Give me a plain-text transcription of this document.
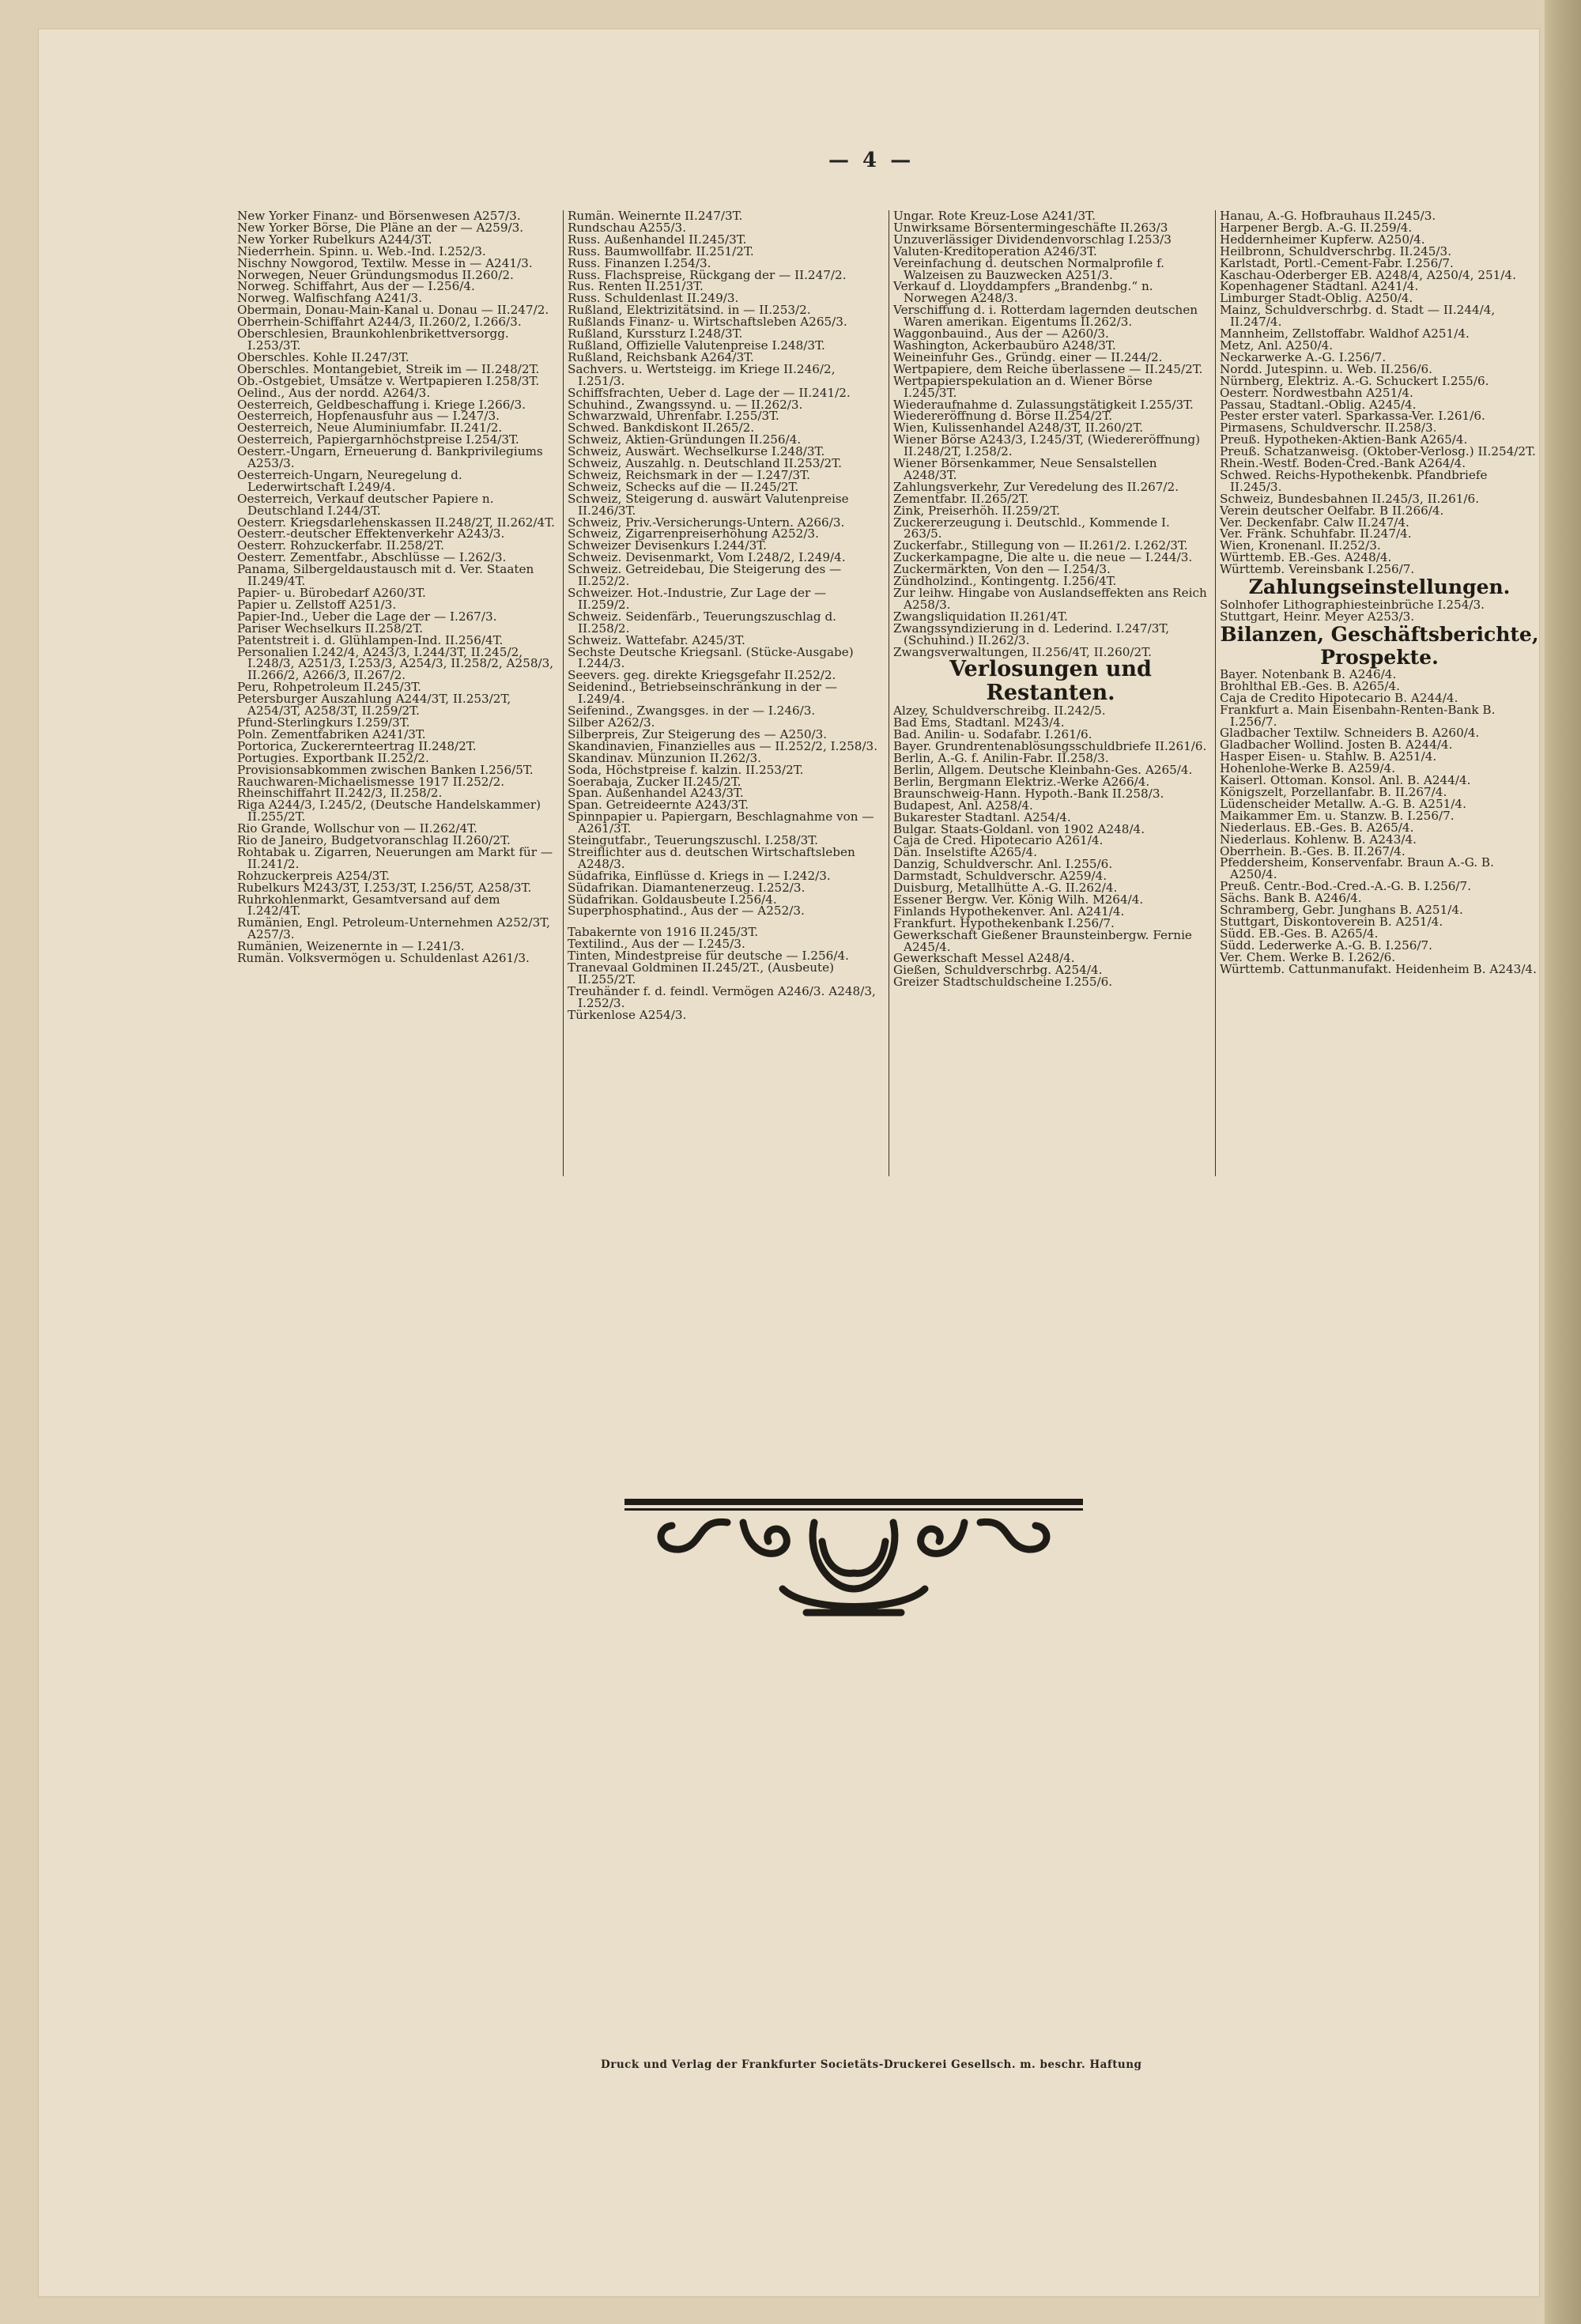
— 4 —

New Yorker Finanz- und Börsenwesen A257/3.

New Yorker Börse, Die Pläne an der — A259/3.

New Yorker Rubelkurs A244/3T.

Niederrhein. Spinn. u. Web.-Ind. I.252/3.

Nischny Nowgorod, Textilw. Messe in — A241/3.

Norwegen, Neuer Gründungsmodus II.260/2.

Norweg. Schiffahrt, Aus der — I.256/4.

Norweg. Walfischfang A241/3.

Obermain, Donau-Main-Kanal u. Donau — II.247/2.

Oberrhein-Schiffahrt A244/3, II.260/2, I.266/3.

Oberschlesien, Braunkohlenbrikettversorgg. I.253/3T.

Oberschles. Kohle II.247/3T.

Oberschles. Montangebiet, Streik im — II.248/2T.

Ob.-Ostgebiet, Umsätze v. Wertpapieren I.258/3T.

Oelind., Aus der nordd. A264/3.

Oesterreich, Geldbeschaffung i. Kriege I.266/3.

Oesterreich, Hopfenausfuhr aus — I.247/3.

Oesterreich, Neue Aluminiumfabr. II.241/2.

Oesterreich, Papiergarnhöchstpreise I.254/3T.

Oesterr.-Ungarn, Erneuerung d. Bankprivilegiums A253/3.

Oesterreich-Ungarn, Neuregelung d. Lederwirtschaft I.249/4.

Oesterreich, Verkauf deutscher Papiere n. Deutschland I.244/3T.

Oesterr. Kriegsdarlehenskassen II.248/2T, II.262/4T.

Oesterr.-deutscher Effektenverkehr A243/3.

Oesterr. Rohzuckerfabr. II.258/2T.

Oesterr. Zementfabr., Abschlüsse — I.262/3.

Panama, Silbergeldaustausch mit d. Ver. Staaten II.249/4T.

Papier- u. Bürobedarf A260/3T.

Papier u. Zellstoff A251/3.

Papier-Ind., Ueber die Lage der — I.267/3.

Pariser Wechselkurs II.258/2T.

Patentstreit i. d. Glühlampen-Ind. II.256/4T.

Personalien I.242/4, A243/3, I.244/3T, II.245/2, I.248/3, A251/3, I.253/3, A254/3, II.258/2, A258/3, II.266/2, A266/3, II.267/2.

Peru, Rohpetroleum II.245/3T.

Petersburger Auszahlung A244/3T, II.253/2T, A254/3T, A258/3T, II.259/2T.

Pfund-Sterlingkurs I.259/3T.

Poln. Zementfabriken A241/3T.

Portorica, Zuckerernteertrag II.248/2T.

Portugies. Exportbank II.252/2.

Provisionsabkommen zwischen Banken I.256/5T.

Rauchwaren-Michaelismesse 1917 II.252/2.

Rheinschiffahrt II.242/3, II.258/2.

Riga A244/3, I.245/2, (Deutsche Handelskammer) II.255/2T.

Rio Grande, Wollschur von — II.262/4T.

Rio de Janeiro, Budgetvoranschlag II.260/2T.

Rohtabak u. Zigarren, Neuerungen am Markt für — II.241/2.

Rohzuckerpreis A254/3T.

Rubelkurs M243/3T, I.253/3T, I.256/5T, A258/3T.

Ruhrkohlenmarkt, Gesamtversand auf dem I.242/4T.

Rumänien, Engl. Petroleum-Unternehmen A252/3T, A257/3.

Rumänien, Weizenernte in — I.241/3.

Rumän. Volksvermögen u. Schuldenlast A261/3.

Rumän. Weinernte II.247/3T.

Rundschau A255/3.

Russ. Außenhandel II.245/3T.

Russ. Baumwollfabr. II.251/2T.

Russ. Finanzen I.254/3.

Russ. Flachspreise, Rückgang der — II.247/2.

Rus. Renten II.251/3T.

Russ. Schuldenlast II.249/3.

Rußland, Elektrizitätsind. in — II.253/2.

Rußlands Finanz- u. Wirtschaftsleben A265/3.

Rußland, Kurssturz I.248/3T.

Rußland, Offizielle Valutenpreise I.248/3T.

Rußland, Reichsbank A264/3T.

Sachvers. u. Wertsteigg. im Kriege II.246/2, I.251/3.

Schiffsfrachten, Ueber d. Lage der — II.241/2.

Schuhind., Zwangssynd. u. — II.262/3.

Schwarzwald, Uhrenfabr. I.255/3T.

Schwed. Bankdiskont II.265/2.

Schweiz, Aktien-Gründungen II.256/4.

Schweiz, Auswärt. Wechselkurse I.248/3T.

Schweiz, Auszahlg. n. Deutschland II.253/2T.

Schweiz, Reichsmark in der — I.247/3T.

Schweiz, Schecks auf die — II.245/2T.

Schweiz, Steigerung d. auswärt Valutenpreise II.246/3T.

Schweiz, Priv.-Versicherungs-Untern. A266/3.

Schweiz, Zigarrenpreiserhöhung A252/3.

Schweizer Devisenkurs I.244/3T.

Schweiz. Devisenmarkt, Vom I.248/2, I.249/4.

Schweiz. Getreidebau, Die Steigerung des — II.252/2.

Schweizer. Hot.-Industrie, Zur Lage der — II.259/2.

Schweiz. Seidenfärb., Teuerungszuschlag d. II.258/2.

Schweiz. Wattefabr. A245/3T.

Sechste Deutsche Kriegsanl. (Stücke-Ausgabe) I.244/3.

Seevers. geg. direkte Kriegsgefahr II.252/2.

Seidenind., Betriebseinschränkung in der — I.249/4.

Seifenind., Zwangsges. in der — I.246/3.

Silber A262/3.

Silberpreis, Zur Steigerung des — A250/3.

Skandinavien, Finanzielles aus — II.252/2, I.258/3.

Skandinav. Münzunion II.262/3.

Soda, Höchstpreise f. kalzin. II.253/2T.

Soerabaja, Zucker II.245/2T.

Span. Außenhandel A243/3T.

Span. Getreideernte A243/3T.

Spinnpapier u. Papiergarn, Beschlagnahme von — A261/3T.

Steingutfabr., Teuerungszuschl. I.258/3T.

Streiflichter aus d. deutschen Wirtschaftsleben A248/3.

Südafrika, Einflüsse d. Kriegs in — I.242/3.

Südafrikan. Diamantenerzeug. I.252/3.

Südafrikan. Goldausbeute I.256/4.

Superphosphatind., Aus der — A252/3.

Tabakernte von 1916 II.245/3T.

Textilind., Aus der — I.245/3.

Tinten, Mindestpreise für deutsche — I.256/4.

Tranevaal Goldminen II.245/2T., (Ausbeute) II.255/2T.

Treuhänder f. d. feindl. Vermögen A246/3. A248/3, I.252/3.

Türkenlose A254/3.

Ungar. Rote Kreuz-Lose A241/3T.

Unwirksame Börsentermingeschäfte II.263/3

Unzuverlässiger Dividendenvorschlag I.253/3

Valuten-Kreditoperation A246/3T.

Vereinfachung d. deutschen Normalprofile f. Walzeisen zu Bauzwecken A251/3.

Verkauf d. Lloyddampfers „Brandenbg.“ n. Norwegen A248/3.

Verschiffung d. i. Rotterdam lagernden deutschen Waren amerikan. Eigentums II.262/3.

Waggonbauind., Aus der — A260/3.

Washington, Ackerbaubüro A248/3T.

Weineinfuhr Ges., Gründg. einer — II.244/2.

Wertpapiere, dem Reiche überlassene — II.245/2T.

Wertpapierspekulation an d. Wiener Börse I.245/3T.

Wiederaufnahme d. Zulassungstätigkeit I.255/3T.

Wiedereröffnung d. Börse II.254/2T.

Wien, Kulissenhandel A248/3T, II.260/2T.

Wiener Börse A243/3, I.245/3T, (Wiedereröffnung) II.248/2T, I.258/2.

Wiener Börsenkammer, Neue Sensalstellen A248/3T.

Zahlungsverkehr, Zur Veredelung des II.267/2.

Zementfabr. II.265/2T.

Zink, Preiserhöh. II.259/2T.

Zuckererzeugung i. Deutschld., Kommende I. 263/5.

Zuckerfabr., Stillegung von — II.261/2. I.262/3T.

Zuckerkampagne, Die alte u. die neue — I.244/3.

Zuckermärkten, Von den — I.254/3.

Zündholzind., Kontingentg. I.256/4T.

Zur leihw. Hingabe von Auslandseffekten ans Reich A258/3.

Zwangsliquidation II.261/4T.

Zwangssyndizierung in d. Lederind. I.247/3T, (Schuhind.) II.262/3.

Zwangsverwaltungen, II.256/4T, II.260/2T.

Verlosungen und Restanten.

Alzey, Schuldverschreibg. II.242/5.

Bad Ems, Stadtanl. M243/4.

Bad. Anilin- u. Sodafabr. I.261/6.

Bayer. Grundrentenablösungsschuldbriefe II.261/6.

Berlin, A.-G. f. Anilin-Fabr. II.258/3.

Berlin, Allgem. Deutsche Kleinbahn-Ges. A265/4.

Berlin, Bergmann Elektriz.-Werke A266/4.

Braunschweig-Hann. Hypoth.-Bank II.258/3.

Budapest, Anl. A258/4.

Bukarester Stadtanl. A254/4.

Bulgar. Staats-Goldanl. von 1902 A248/4.

Caja de Cred. Hipotecario A261/4.

Dän. Inselstifte A265/4.

Danzig, Schuldverschr. Anl. I.255/6.

Darmstadt, Schuldverschr. A259/4.

Duisburg, Metallhütte A.-G. II.262/4.

Essener Bergw. Ver. König Wilh. M264/4.

Finlands Hypothekenver. Anl. A241/4.

Frankfurt. Hypothekenbank I.256/7.

Gewerkschaft Gießener Braunsteinbergw. Fernie A245/4.

Gewerkschaft Messel A248/4.

Gießen, Schuldverschrbg. A254/4.

Greizer Stadtschuldscheine I.255/6.

Hanau, A.-G. Hofbrauhaus II.245/3.

Harpener Bergb. A.-G. II.259/4.

Heddernheimer Kupferw. A250/4.

Heilbronn, Schuldverschrbg. II.245/3.

Karlstadt, Portl.-Cement-Fabr. I.256/7.

Kaschau-Oderberger EB. A248/4, A250/4, 251/4.

Kopenhagener Stadtanl. A241/4.

Limburger Stadt-Oblig. A250/4.

Mainz, Schuldverschrbg. d. Stadt — II.244/4, II.247/4.

Mannheim, Zellstoffabr. Waldhof A251/4.

Metz, Anl. A250/4.

Neckarwerke A.-G. I.256/7.

Nordd. Jutespinn. u. Web. II.256/6.

Nürnberg, Elektriz. A.-G. Schuckert I.255/6.

Oesterr. Nordwestbahn A251/4.

Passau, Stadtanl.-Oblig. A245/4.

Pester erster vaterl. Sparkassa-Ver. I.261/6.

Pirmasens, Schuldverschr. II.258/3.

Preuß. Hypotheken-Aktien-Bank A265/4.

Preuß. Schatzanweisg. (Oktober-Verlosg.) II.254/2T.

Rhein.-Westf. Boden-Cred.-Bank A264/4.

Schwed. Reichs-Hypothekenbk. Pfandbriefe II.245/3.

Schweiz, Bundesbahnen II.245/3, II.261/6.

Verein deutscher Oelfabr. B II.266/4.

Ver. Deckenfabr. Calw II.247/4.

Ver. Fränk. Schuhfabr. II.247/4.

Wien, Kronenanl. II.252/3.

Württemb. EB.-Ges. A248/4.

Württemb. Vereinsbank I.256/7.

Zahlungseinstellungen.

Solnhofer Lithographiesteinbrüche I.254/3.

Stuttgart, Heinr. Meyer A253/3.

Bilanzen, Geschäftsberichte, Prospekte.

Bayer. Notenbank B. A246/4.

Brohlthal EB.-Ges. B. A265/4.

Caja de Credito Hipotecario B. A244/4.

Frankfurt a. Main Eisenbahn-Renten-Bank B. I.256/7.

Gladbacher Textilw. Schneiders B. A260/4.

Gladbacher Wollind. Josten B. A244/4.

Hasper Eisen- u. Stahlw. B. A251/4.

Hohenlohe-Werke B. A259/4.

Kaiserl. Ottoman. Konsol. Anl. B. A244/4.

Königszelt, Porzellanfabr. B. II.267/4.

Lüdenscheider Metallw. A.-G. B. A251/4.

Maikammer Em. u. Stanzw. B. I.256/7.

Niederlaus. EB.-Ges. B. A265/4.

Niederlaus. Kohlenw. B. A243/4.

Oberrhein. B.-Ges. B. II.267/4.

Pfeddersheim, Konservenfabr. Braun A.-G. B. A250/4.

Preuß. Centr.-Bod.-Cred.-A.-G. B. I.256/7.

Sächs. Bank B. A246/4.

Schramberg, Gebr. Junghans B. A251/4.

Stuttgart, Diskontoverein B. A251/4.

Südd. EB.-Ges. B. A265/4.

Südd. Lederwerke A.-G. B. I.256/7.

Ver. Chem. Werke B. I.262/6.

Württemb. Cattunmanufakt. Heidenheim B. A243/4.

Druck und Verlag der Frankfurter Societäts-Druckerei Gesellsch. m. beschr. Haftung
